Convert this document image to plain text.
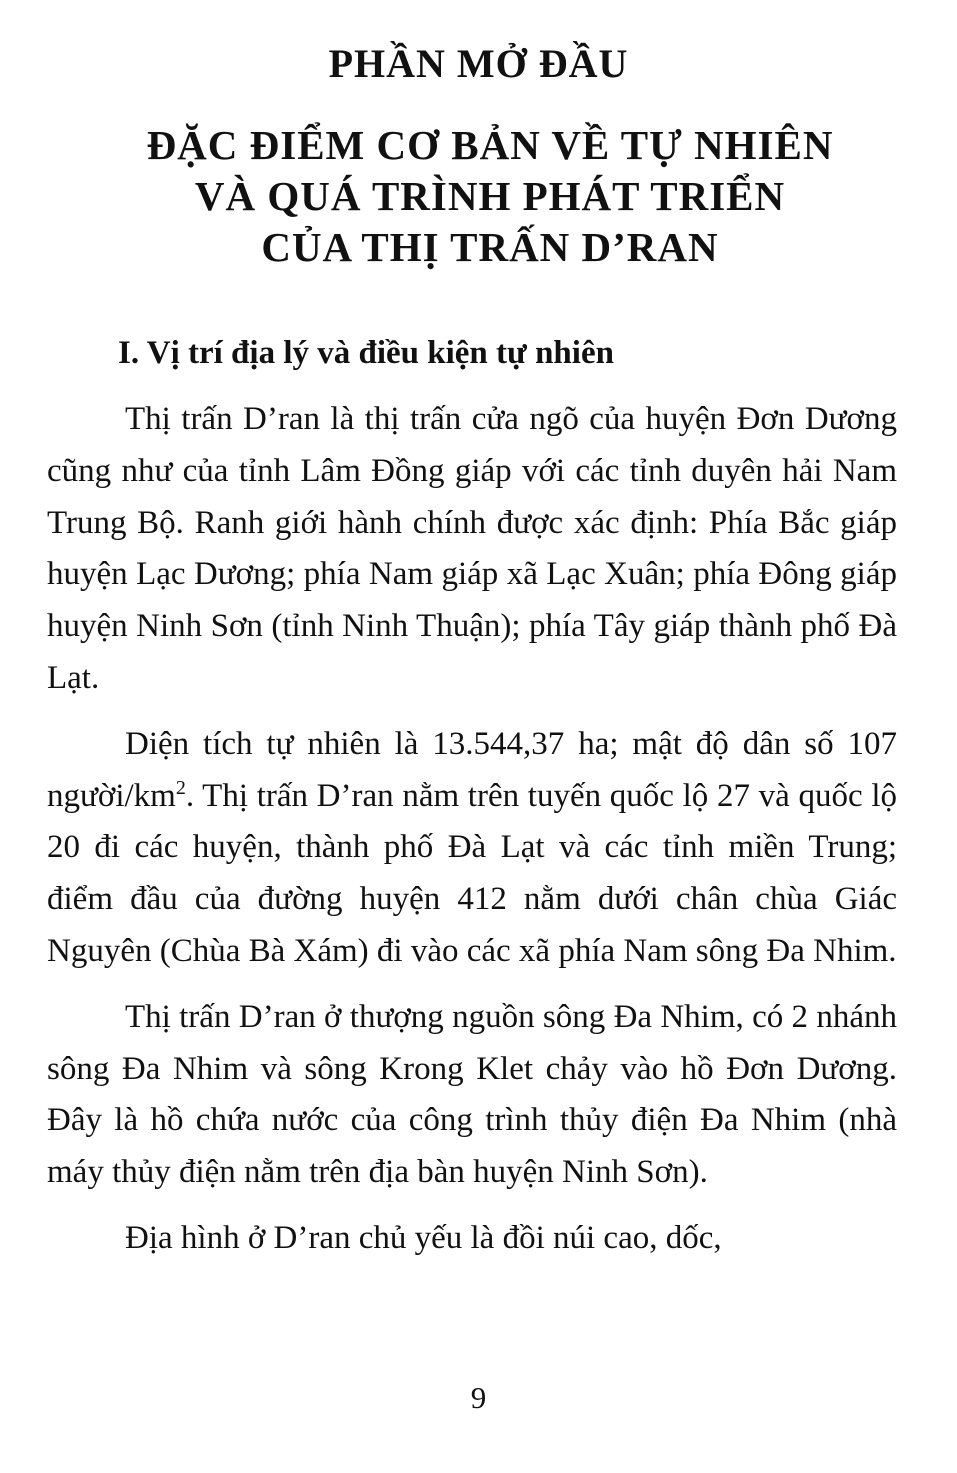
PHẦN MỞ ĐẦU
ĐẶC ĐIỂM CƠ BẢN VỀ TỰ NHIÊN
VÀ QUÁ TRÌNH PHÁT TRIỂN
CỦA THỊ TRẤN D’RAN
I. Vị trí địa lý và điều kiện tự nhiên

Thị trấn D’ran là thị trấn cửa ngõ của huyện Đơn Dương cũng như của tỉnh Lâm Đồng giáp với các tỉnh duyên hải Nam Trung Bộ. Ranh giới hành chính được xác định: Phía Bắc giáp huyện Lạc Dương; phía Nam giáp xã Lạc Xuân; phía Đông giáp huyện Ninh Sơn (tỉnh Ninh Thuận); phía Tây giáp thành phố Đà Lạt.

Diện tích tự nhiên là 13.544,37 ha; mật độ dân số 107 người/$km^2$. Thị trấn D’ran nằm trên tuyến quốc lộ 27 và quốc lộ 20 đi các huyện, thành phố Đà Lạt và các tỉnh miền Trung; điểm đầu của đường huyện 412 nằm dưới chân chùa Giác Nguyên (Chùa Bà Xám) đi vào các xã phía Nam sông Đa Nhim.

Thị trấn D’ran ở thượng nguồn sông Đa Nhim, có 2 nhánh sông Đa Nhim và sông Krong Klet chảy vào hồ Đơn Dương. Đây là hồ chứa nước của công trình thủy điện Đa Nhim (nhà máy thủy điện nằm trên địa bàn huyện Ninh Sơn).

Địa hình ở D’ran chủ yếu là đồi núi cao, dốc,

9
